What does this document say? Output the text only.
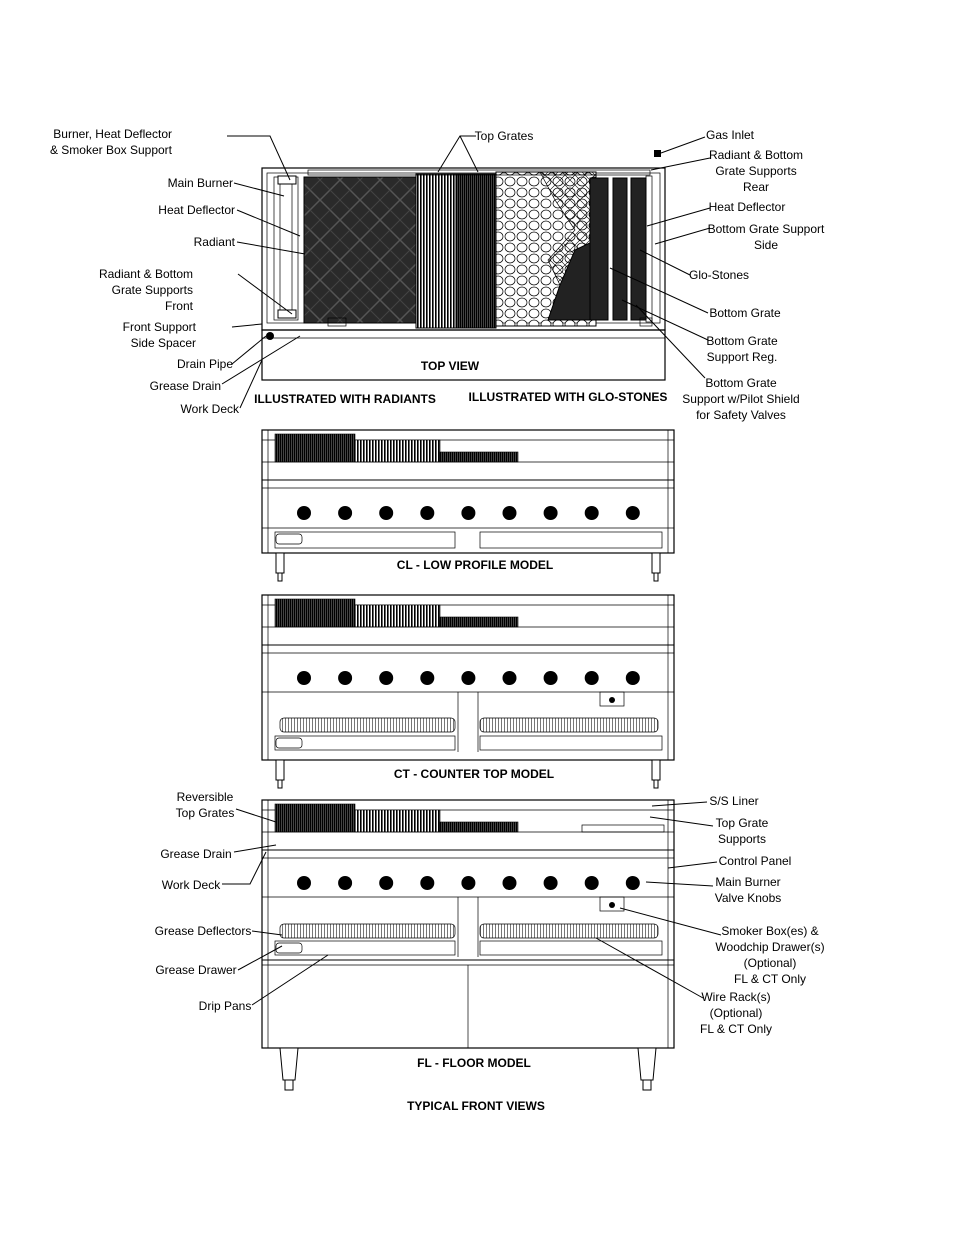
TOP VIEW
ILLUSTRATED WITH RADIANTS	ILLUSTRATED WITH GLO-STONES
Top Grates
Burner, Heat Deflector & Smoker Box Support
Main Burner
Heat Deflector
Radiant
Radiant & Bottom Grate Supports Front
Front Support Side Spacer
Drain Pipe
Grease Drain
Work Deck
Gas Inlet
Radiant & Bottom Grate Supports Rear
Heat Deflector
Bottom Grate Support Side
Glo-Stones
Bottom Grate
Bottom Grate Support Reg.
Bottom Grate Support w/Pilot Shield for Safety Valves
CL - LOW PROFILE MODEL
CT - COUNTER TOP MODEL
FL - FLOOR MODEL
Reversible Top Grates
Grease Drain
Work Deck
Grease Deflectors
Grease Drawer
Drip Pans
S/S Liner
Top Grate Supports
Control Panel
Main Burner Valve Knobs
Smoker Box(es) & Woodchip Drawer(s) (Optional) FL & CT Only
Wire Rack(s) (Optional) FL & CT Only
TYPICAL FRONT VIEWS
